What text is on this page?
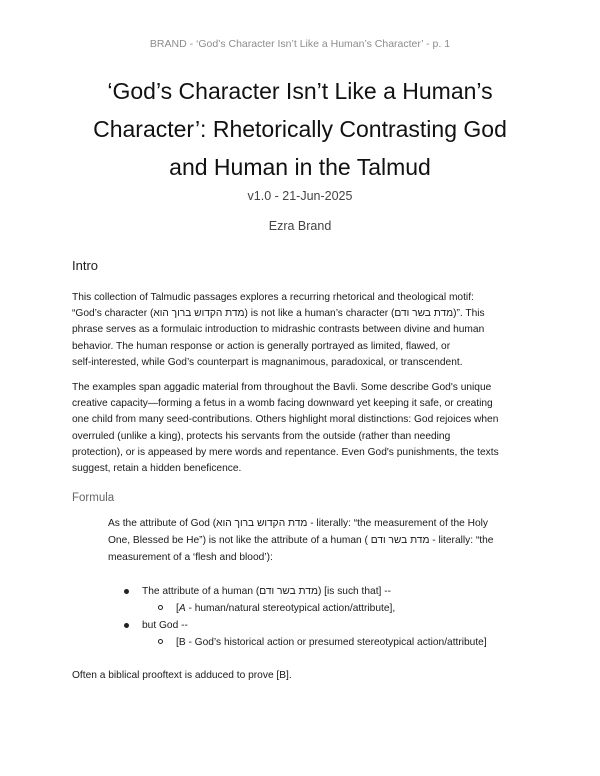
BRAND - ‘God’s Character Isn’t Like a Human’s Character’ - p. 1
‘God’s Character Isn’t Like a Human’s
Character’: Rhetorically Contrasting God
and Human in the Talmud
v1.0 - 21-Jun-2025
Ezra Brand
Intro
This collection of Talmudic passages explores a recurring rhetorical and theological motif:
“God’s character (מדת הקדוש ברוך הוא) is not like a human’s character (מדת בשר ודם)”. This
phrase serves as a formulaic introduction to midrashic contrasts between divine and human
behavior. The human response or action is generally portrayed as limited, flawed, or
self-interested, while God’s counterpart is magnanimous, paradoxical, or transcendent.
The examples span aggadic material from throughout the Bavli. Some describe God's unique
creative capacity—forming a fetus in a womb facing downward yet keeping it safe, or creating
one child from many seed-contributions. Others highlight moral distinctions: God rejoices when
overruled (unlike a king), protects his servants from the outside (rather than needing
protection), or is appeased by mere words and repentance. Even God's punishments, the texts
suggest, retain a hidden beneficence.
Formula
As the attribute of God (מדת הקדוש ברוך הוא - literally: “the measurement of the Holy
One, Blessed be He”) is not like the attribute of a human ( מדת בשר ודם - literally: “the
measurement of a ‘flesh and blood’):
The attribute of a human (מדת בשר ודם) [is such that] --
[A - human/natural stereotypical action/attribute],
but God --
[B - God’s historical action or presumed stereotypical action/attribute]
Often a biblical prooftext is adduced to prove [B].
